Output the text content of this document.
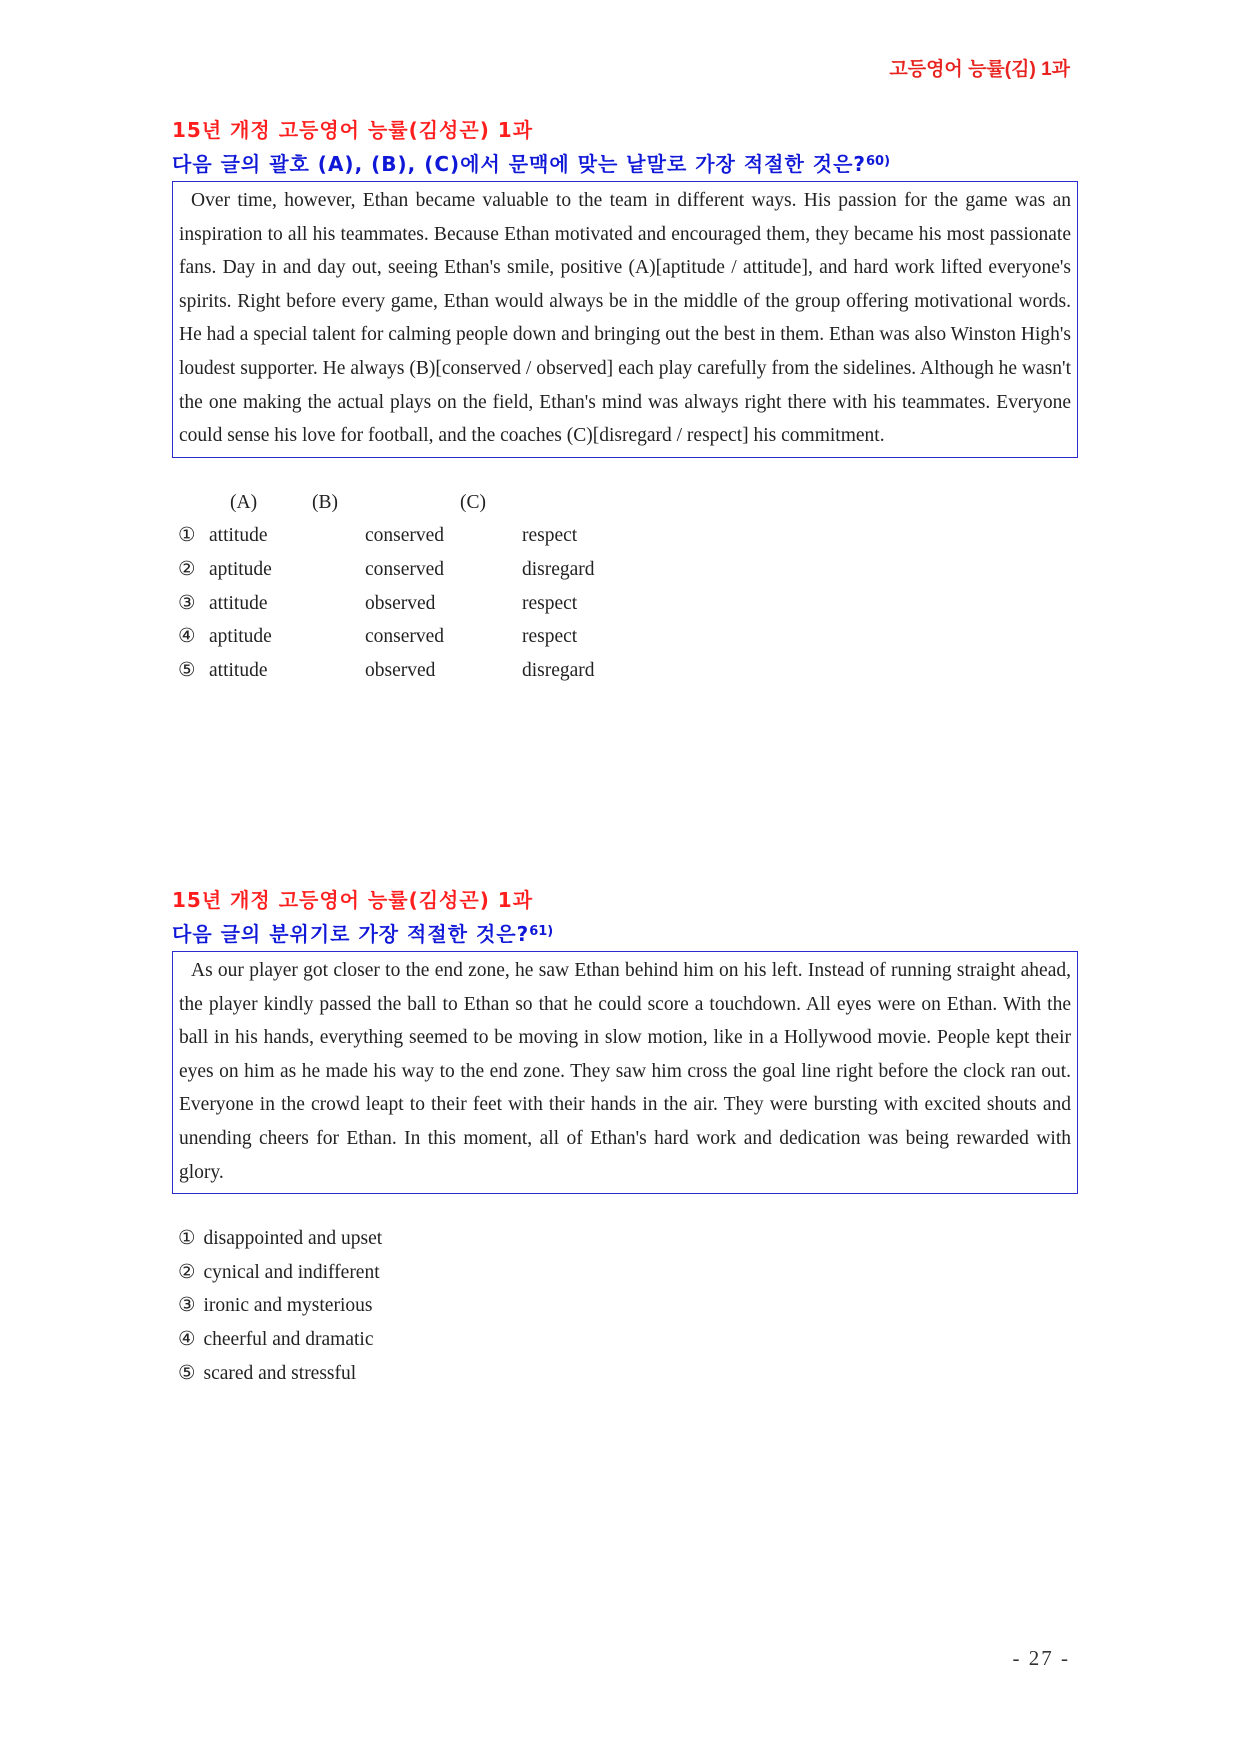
고등영어 능률(김) 1과
15년 개정 고등영어 능률(김성곤) 1과
다음 글의 괄호 (A), (B), (C)에서 문맥에 맞는 낱말로 가장 적절한 것은?$^{60)}$

Over time, however, Ethan became valuable to the team in different ways. His passion for the game was an inspiration to all his teammates. Because Ethan motivated and encouraged them, they became his most passionate fans. Day in and day out, seeing Ethan's smile, positive (A)[aptitude / attitude], and hard work lifted everyone's spirits. Right before every game, Ethan would always be in the middle of the group offering motivational words. He had a special talent for calming people down and bringing out the best in them. Ethan was also Winston High's loudest supporter. He always (B)[conserved / observed] each play carefully from the sidelines. Although he wasn't the one making the actual plays on the field, Ethan's mind was always right there with his teammates. Everyone could sense his love for football, and the coaches (C)[disregard / respect] his commitment.

(A)	(B)	(C)
① attitude	conserved	respect
② aptitude	conserved	disregard
③ attitude	observed	respect
④ aptitude	conserved	respect
⑤ attitude	observed	disregard
15년 개정 고등영어 능률(김성곤) 1과
다음 글의 분위기로 가장 적절한 것은?$^{61)}$

As our player got closer to the end zone, he saw Ethan behind him on his left. Instead of running straight ahead, the player kindly passed the ball to Ethan so that he could score a touchdown. All eyes were on Ethan. With the ball in his hands, everything seemed to be moving in slow motion, like in a Hollywood movie. People kept their eyes on him as he made his way to the end zone. They saw him cross the goal line right before the clock ran out. Everyone in the crowd leapt to their feet with their hands in the air. They were bursting with excited shouts and unending cheers for Ethan. In this moment, all of Ethan's hard work and dedication was being rewarded with glory.

① disappointed and upset
② cynical and indifferent
③ ironic and mysterious
④ cheerful and dramatic
⑤ scared and stressful
- 27 -
